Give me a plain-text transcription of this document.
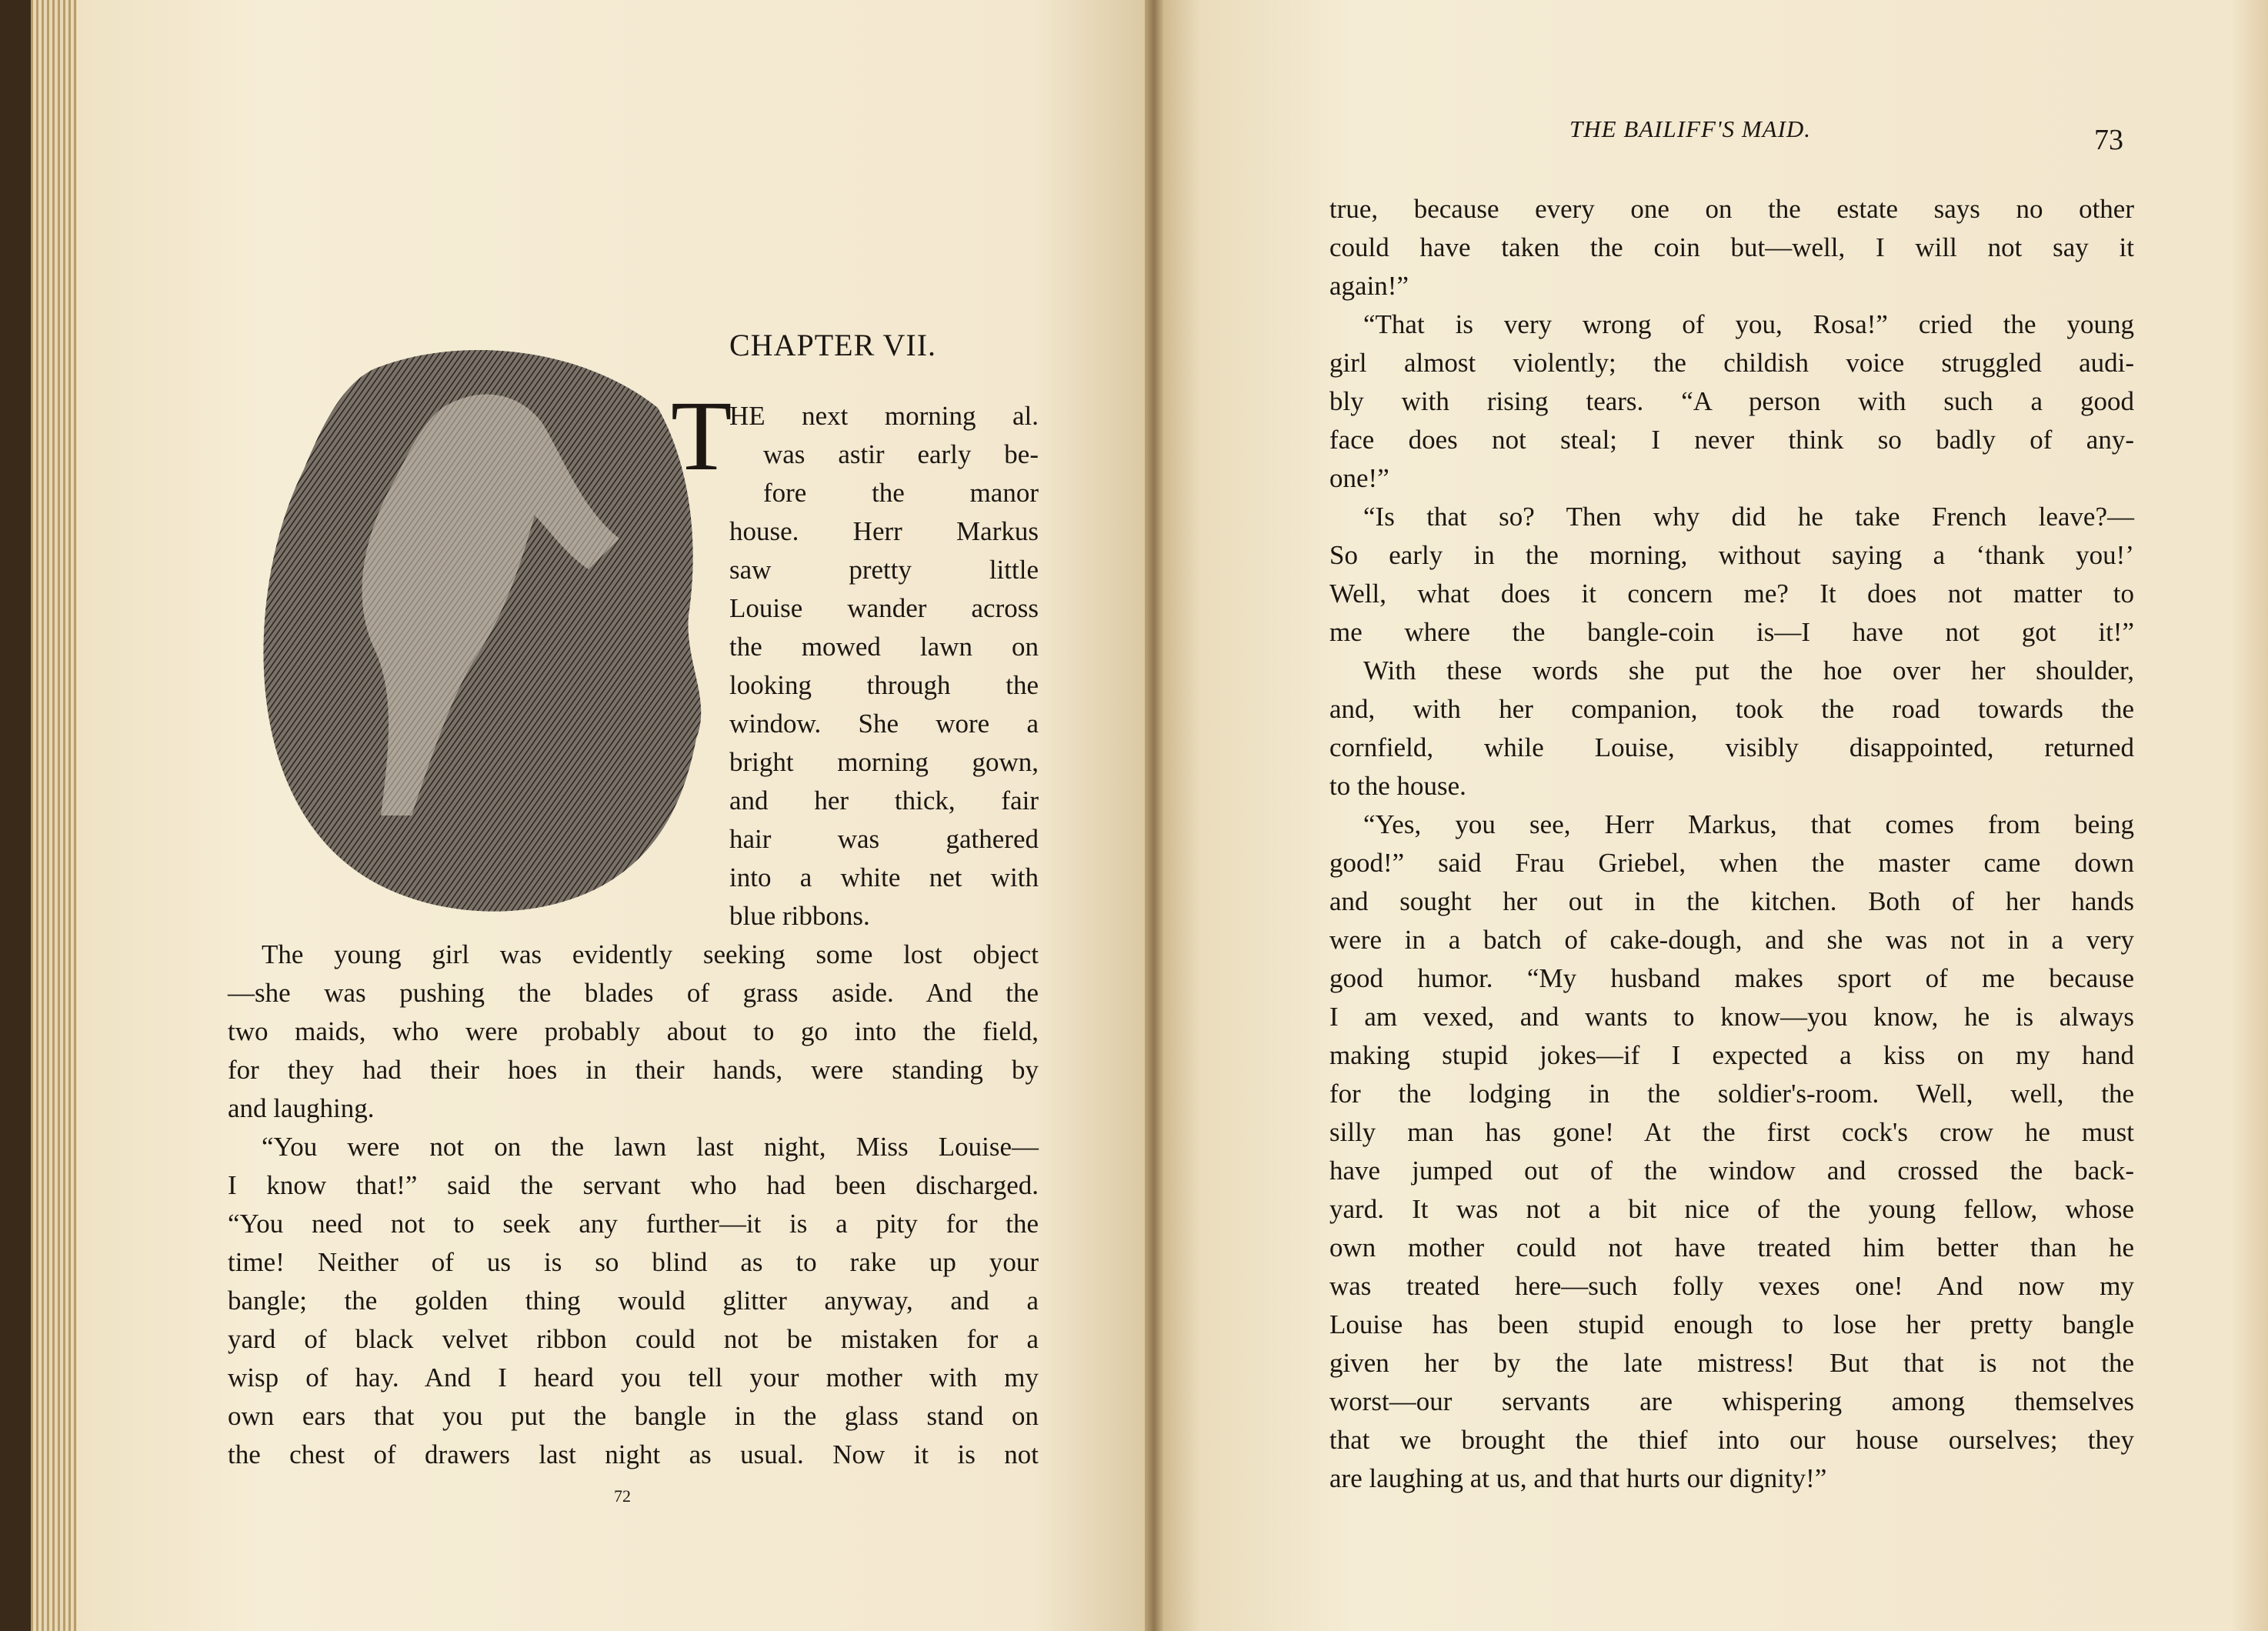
CHAPTER VII.
T
HE next morning al.
was astir early be-
fore the manor
house. Herr Markus
saw pretty little
Louise wander across
the mowed lawn on
looking through the
window. She wore a
bright morning gown,
and her thick, fair
hair was gathered
into a white net with
blue ribbons.
The young girl was evidently seeking some lost object
—she was pushing the blades of grass aside. And the
two maids, who were probably about to go into the field,
for they had their hoes in their hands, were standing by
and laughing.
“You were not on the lawn last night, Miss Louise—
I know that!” said the servant who had been discharged.
“You need not to seek any further—it is a pity for the
time! Neither of us is so blind as to rake up your
bangle; the golden thing would glitter anyway, and a
yard of black velvet ribbon could not be mistaken for a
wisp of hay. And I heard you tell your mother with my
own ears that you put the bangle in the glass stand on
the chest of drawers last night as usual. Now it is not
72
THE BAILIFF'S MAID.	73
true, because every one on the estate says no other
could have taken the coin but—well, I will not say it
again!”
“That is very wrong of you, Rosa!” cried the young
girl almost violently; the childish voice struggled audi-
bly with rising tears. “A person with such a good
face does not steal; I never think so badly of any-
one!”
“Is that so? Then why did he take French leave?—
So early in the morning, without saying a ‘thank you!’
Well, what does it concern me? It does not matter to
me where the bangle-coin is—I have not got it!”
With these words she put the hoe over her shoulder,
and, with her companion, took the road towards the
cornfield, while Louise, visibly disappointed, returned
to the house.
“Yes, you see, Herr Markus, that comes from being
good!” said Frau Griebel, when the master came down
and sought her out in the kitchen. Both of her hands
were in a batch of cake-dough, and she was not in a very
good humor. “My husband makes sport of me because
I am vexed, and wants to know—you know, he is always
making stupid jokes—if I expected a kiss on my hand
for the lodging in the soldier's-room. Well, well, the
silly man has gone! At the first cock's crow he must
have jumped out of the window and crossed the back-
yard. It was not a bit nice of the young fellow, whose
own mother could not have treated him better than he
was treated here—such folly vexes one! And now my
Louise has been stupid enough to lose her pretty bangle
given her by the late mistress! But that is not the
worst—our servants are whispering among themselves
that we brought the thief into our house ourselves; they
are laughing at us, and that hurts our dignity!”
